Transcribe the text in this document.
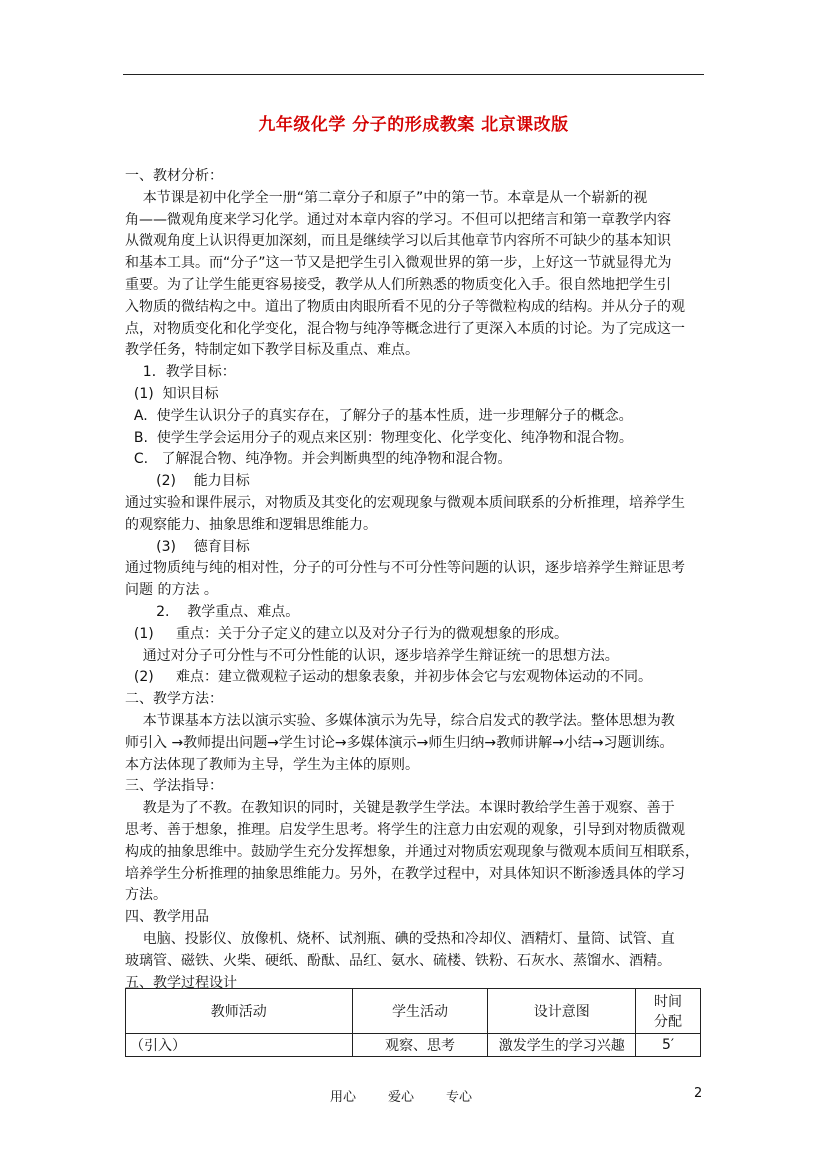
九年级化学 分子的形成教案 北京课改版
一、教材分析：
本节课是初中化学全一册“第二章分子和原子”中的第一节。本章是从一个崭新的视
角——微观角度来学习化学。通过对本章内容的学习。不但可以把绪言和第一章教学内容
从微观角度上认识得更加深刻，而且是继续学习以后其他章节内容所不可缺少的基本知识
和基本工具。而“分子”这一节又是把学生引入微观世界的第一步，上好这一节就显得尤为
重要。为了让学生能更容易接受，教学从人们所熟悉的物质变化入手。很自然地把学生引
入物质的微结构之中。道出了物质由肉眼所看不见的分子等微粒构成的结构。并从分子的观
点，对物质变化和化学变化，混合物与纯净等概念进行了更深入本质的讨论。为了完成这一
教学任务，特制定如下教学目标及重点、难点。
1．教学目标：
(1)  知识目标
A.  使学生认识分子的真实存在，了解分子的基本性质，进一步理解分子的概念。
B.  使学生学会运用分子的观点来区别：物理变化、化学变化、纯净物和混合物。
C.   了解混合物、纯净物。并会判断典型的纯净物和混合物。
(2)    能力目标
通过实验和课件展示，对物质及其变化的宏观现象与微观本质间联系的分析推理，培养学生
的观察能力、抽象思维和逻辑思维能力。
(3)    德育目标
通过物质纯与纯的相对性，分子的可分性与不可分性等问题的认识，逐步培养学生辩证思考
问题 的方法 。
2.    教学重点、难点。
(1)     重点：关于分子定义的建立以及对分子行为的微观想象的形成。
通过对分子可分性与不可分性能的认识，逐步培养学生辩证统一的思想方法。
(2)     难点：建立微观粒子运动的想象表象，并初步体会它与宏观物体运动的不同。
二、教学方法：
本节课基本方法以演示实验、多媒体演示为先导，综合启发式的教学法。整体思想为教
师引入 →教师提出问题→学生讨论→多媒体演示→师生归纳→教师讲解→小结→习题训练。
本方法体现了教师为主导，学生为主体的原则。
三、学法指导：
教是为了不教。在教知识的同时，关键是教学生学法。本课时教给学生善于观察、善于
思考、善于想象，推理。启发学生思考。将学生的注意力由宏观的观象，引导到对物质微观
构成的抽象思维中。鼓励学生充分发挥想象，并通过对物质宏观现象与微观本质间互相联系，
培养学生分析推理的抽象思维能力。另外，在教学过程中，对具体知识不断渗透具体的学习
方法。
四、教学用品
电脑、投影仪、放像机、烧杯、试剂瓶、碘的受热和冷却仪、酒精灯、量筒、试管、直
玻璃管、磁铁、火柴、硬纸、酚酞、品红、氨水、硫楼、铁粉、石灰水、蒸馏水、酒精。
五、教学过程设计
教师活动	学生活动	设计意图	时间
分配

（引入）	观察、思考	激发学生的学习兴趣	5′
用心 爱心 专心	2
